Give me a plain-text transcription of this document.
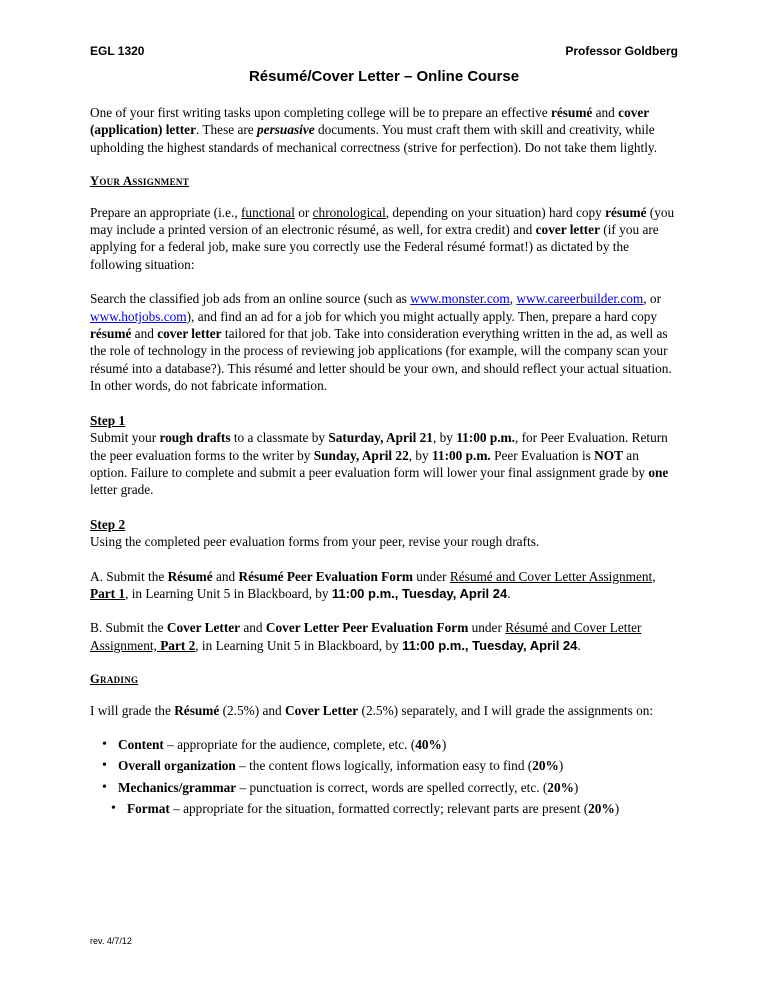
EGL 1320	Professor Goldberg
Résumé/Cover Letter – Online Course

One of your first writing tasks upon completing college will be to prepare an effective résumé and cover (application) letter. These are persuasive documents. You must craft them with skill and creativity, while upholding the highest standards of mechanical correctness (strive for perfection). Do not take them lightly.

Your Assignment

Prepare an appropriate (i.e., functional or chronological, depending on your situation) hard copy résumé (you may include a printed version of an electronic résumé, as well, for extra credit) and cover letter (if you are applying for a federal job, make sure you correctly use the Federal résumé format!) as dictated by the following situation:

Search the classified job ads from an online source (such as www.monster.com, www.careerbuilder.com, or www.hotjobs.com), and find an ad for a job for which you might actually apply. Then, prepare a hard copy résumé and cover letter tailored for that job. Take into consideration everything written in the ad, as well as the role of technology in the process of reviewing job applications (for example, will the company scan your résumé into a database?). This résumé and letter should be your own, and should reflect your actual situation. In other words, do not fabricate information.

Step 1

Submit your rough drafts to a classmate by Saturday, April 21, by 11:00 p.m., for Peer Evaluation. Return the peer evaluation forms to the writer by Sunday, April 22, by 11:00 p.m. Peer Evaluation is NOT an option. Failure to complete and submit a peer evaluation form will lower your final assignment grade by one letter grade.

Step 2

Using the completed peer evaluation forms from your peer, revise your rough drafts.

A. Submit the Résumé and Résumé Peer Evaluation Form under Résumé and Cover Letter Assignment, Part 1, in Learning Unit 5 in Blackboard, by 11:00 p.m., Tuesday, April 24.

B. Submit the Cover Letter and Cover Letter Peer Evaluation Form under Résumé and Cover Letter Assignment, Part 2, in Learning Unit 5 in Blackboard, by 11:00 p.m., Tuesday, April 24.

Grading

I will grade the Résumé (2.5%) and Cover Letter (2.5%) separately, and I will grade the assignments on:

• Content – appropriate for the audience, complete, etc. (40%)
• Overall organization – the content flows logically, information easy to find (20%)
• Mechanics/grammar – punctuation is correct, words are spelled correctly, etc. (20%)
• Format – appropriate for the situation, formatted correctly; relevant parts are present (20%)
rev. 4/7/12
